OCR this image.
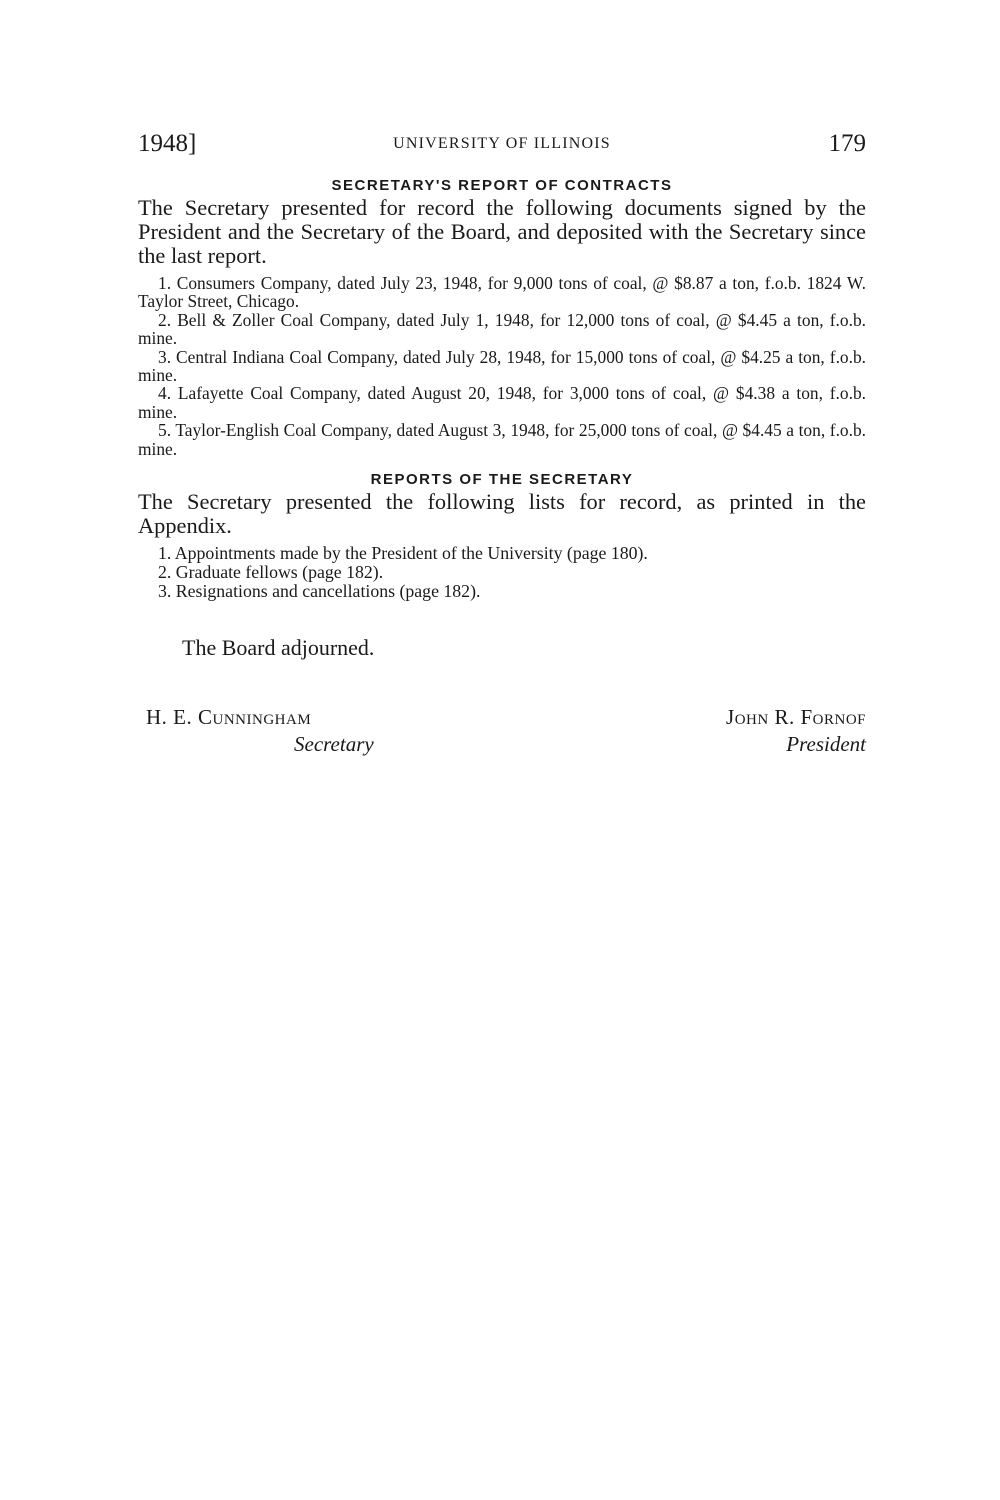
1948]	UNIVERSITY OF ILLINOIS	179
SECRETARY'S REPORT OF CONTRACTS
The Secretary presented for record the following documents signed by the President and the Secretary of the Board, and deposited with the Secretary since the last report.
1. Consumers Company, dated July 23, 1948, for 9,000 tons of coal, @ $8.87 a ton, f.o.b. 1824 W. Taylor Street, Chicago.
2. Bell & Zoller Coal Company, dated July 1, 1948, for 12,000 tons of coal, @ $4.45 a ton, f.o.b. mine.
3. Central Indiana Coal Company, dated July 28, 1948, for 15,000 tons of coal, @ $4.25 a ton, f.o.b. mine.
4. Lafayette Coal Company, dated August 20, 1948, for 3,000 tons of coal, @ $4.38 a ton, f.o.b. mine.
5. Taylor-English Coal Company, dated August 3, 1948, for 25,000 tons of coal, @ $4.45 a ton, f.o.b. mine.
REPORTS OF THE SECRETARY
The Secretary presented the following lists for record, as printed in the Appendix.
1. Appointments made by the President of the University (page 180).
2. Graduate fellows (page 182).
3. Resignations and cancellations (page 182).
The Board adjourned.
H. E. Cunningham
Secretary
John R. Fornof
President
